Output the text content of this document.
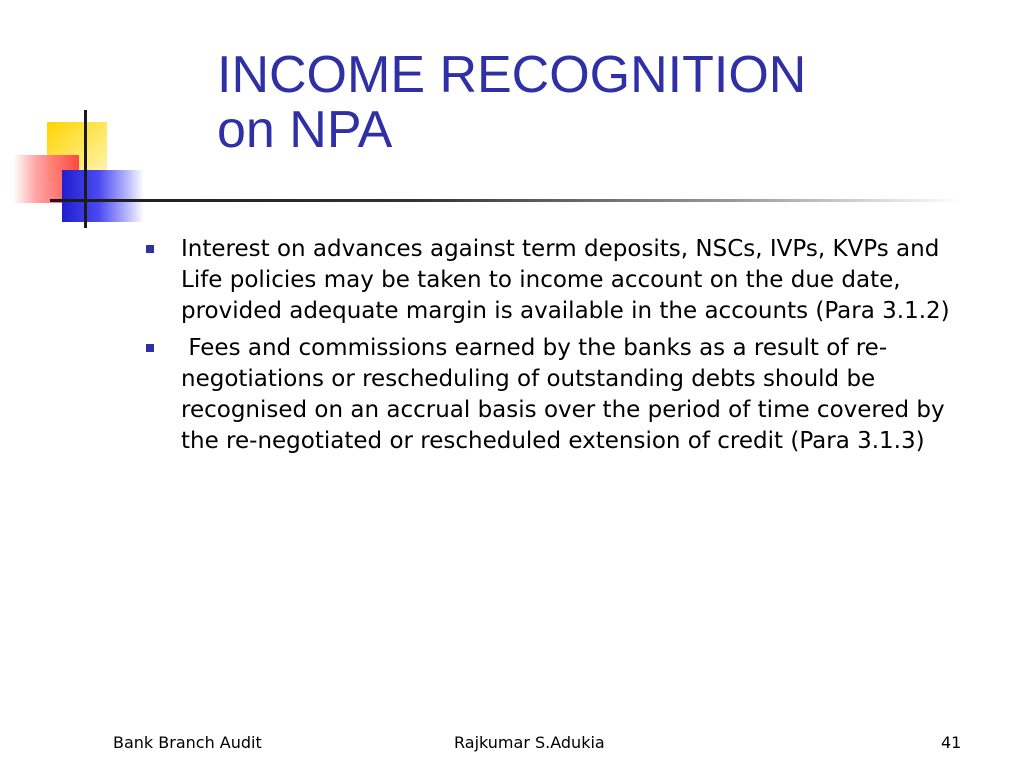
INCOME RECOGNITION
on NPA
Interest on advances against term deposits, NSCs, IVPs, KVPs and Life policies may be taken to income account on the due date, provided adequate margin is available in the accounts (Para 3.1.2)
Fees and commissions earned by the banks as a result of re-negotiations or rescheduling of outstanding debts should be recognised on an accrual basis over the period of time covered by the re-negotiated or rescheduled extension of credit (Para 3.1.3)
Bank Branch Audit	Rajkumar S.Adukia	41
